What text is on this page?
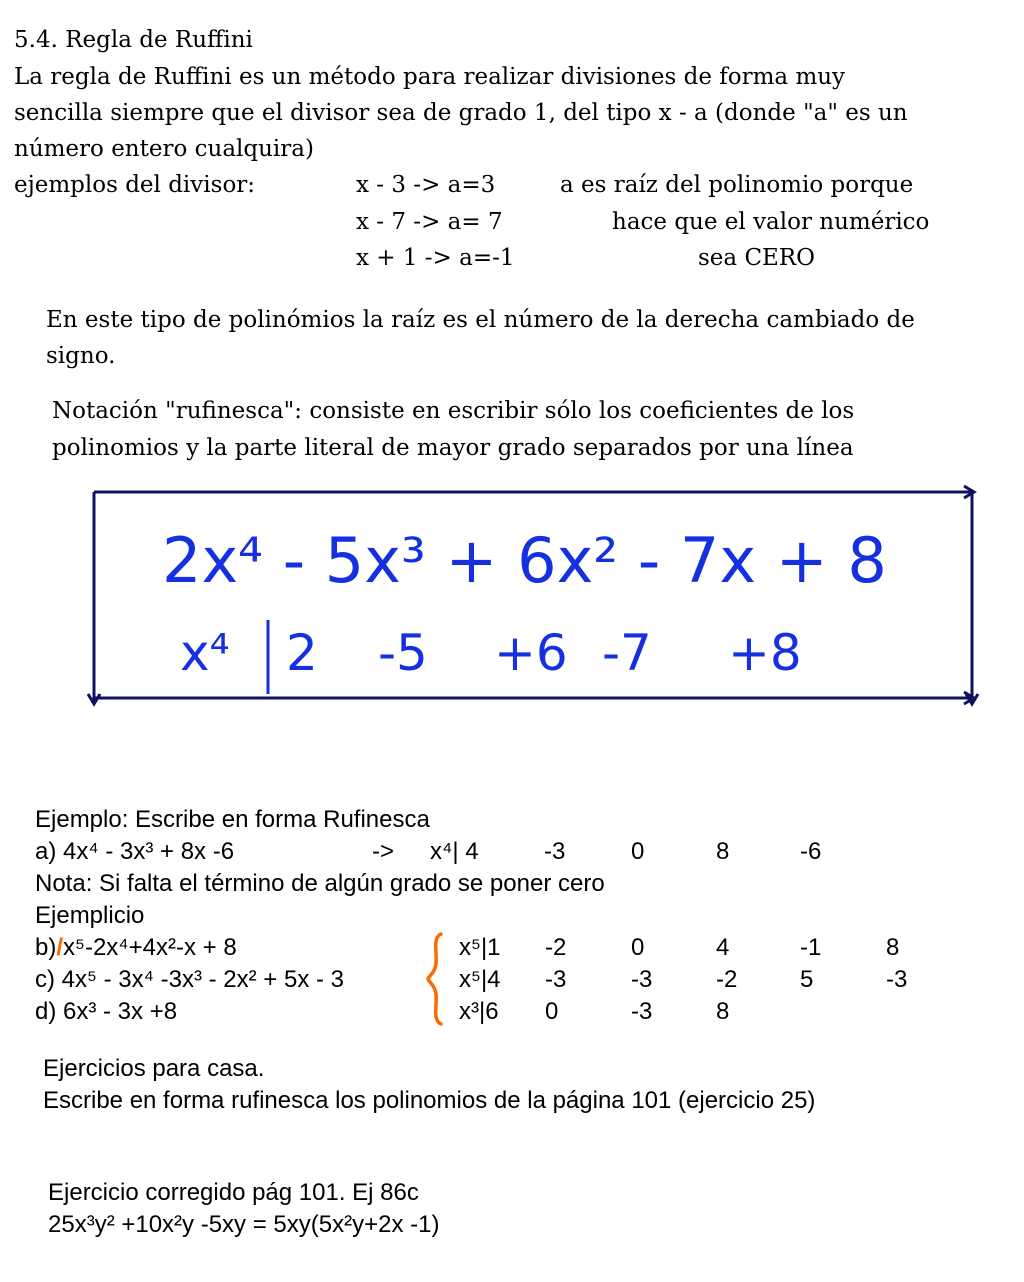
5.4. Regla de Ruffini
La regla de Ruffini es un método para realizar divisiones de forma muy
sencilla siempre que el divisor sea de grado 1, del tipo x - a (donde "a" es un
número entero cualquira)
ejemplos del divisor:	x - 3 -> a=3	a es raíz del polinomio porque
x - 7 -> a= 7	hace que el valor numérico
x + 1 -> a=-1	sea CERO
En este tipo de polinómios la raíz es el número de la derecha cambiado de
signo.
Notación "rufinesca": consiste en escribir sólo los coeficientes de los
polinomios y la parte literal de mayor grado separados por una línea
2x⁴ - 5x³ + 6x² - 7x + 8
x⁴ 2 -5 +6 -7 +8
Ejemplo: Escribe en forma Rufinesca
a) 4x⁴ - 3x³ + 8x -6	-> x⁴| 4	-3	0	8	-6
Nota: Si falta el término de algún grado se poner cero
Ejemplicio
b)/x⁵-2x⁴+4x²-x + 8
c) 4x⁵ - 3x⁴ -3x³ - 2x² + 5x - 3
d) 6x³ - 3x +8
x⁵|1 -2	0	4	-1	8
x⁵|4 -3	-3	-2	5	-3
x³|6 0	-3	8
Ejercicios para casa.
Escribe en forma rufinesca los polinomios de la página 101 (ejercicio 25)
Ejercicio corregido pág 101. Ej 86c
25x³y² +10x²y -5xy = 5xy(5x²y+2x -1)
